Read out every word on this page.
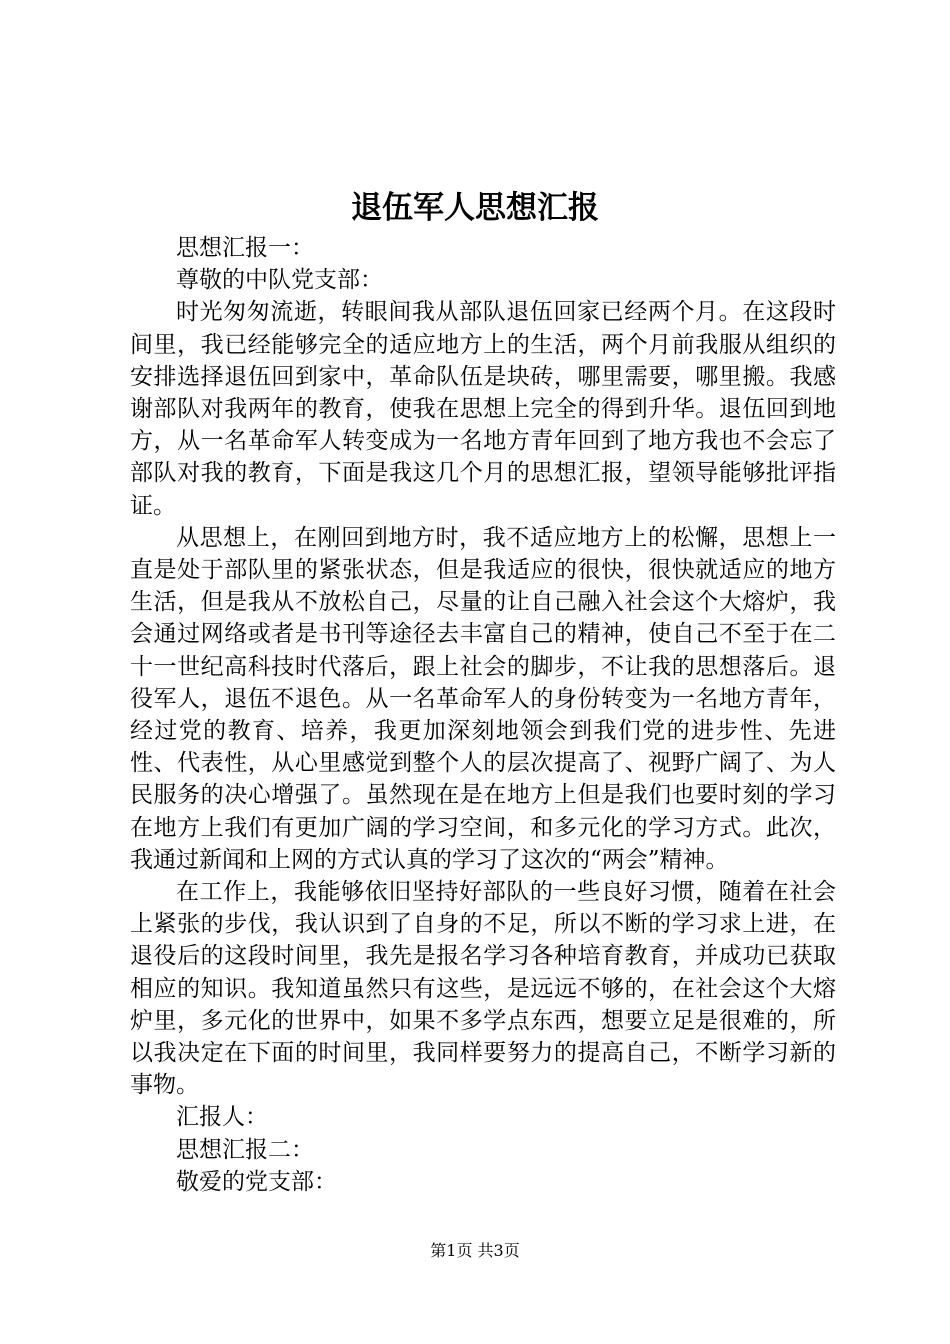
退伍军人思想汇报

思想汇报一：

尊敬的中队党支部：

时光匆匆流逝，转眼间我从部队退伍回家已经两个月。在这段时间里，我已经能够完全的适应地方上的生活，两个月前我服从组织的安排选择退伍回到家中，革命队伍是块砖，哪里需要，哪里搬。我感谢部队对我两年的教育，使我在思想上完全的得到升华。退伍回到地方，从一名革命军人转变成为一名地方青年回到了地方我也不会忘了部队对我的教育，下面是我这几个月的思想汇报，望领导能够批评指证。

从思想上，在刚回到地方时，我不适应地方上的松懈，思想上一直是处于部队里的紧张状态，但是我适应的很快，很快就适应的地方生活，但是我从不放松自己，尽量的让自己融入社会这个大熔炉，我会通过网络或者是书刊等途径去丰富自己的精神，使自己不至于在二十一世纪高科技时代落后，跟上社会的脚步，不让我的思想落后。退役军人，退伍不退色。从一名革命军人的身份转变为一名地方青年，经过党的教育、培养，我更加深刻地领会到我们党的进步性、先进性、代表性，从心里感觉到整个人的层次提高了、视野广阔了、为人民服务的决心增强了。虽然现在是在地方上但是我们也要时刻的学习在地方上我们有更加广阔的学习空间，和多元化的学习方式。此次，我通过新闻和上网的方式认真的学习了这次的“两会”精神。

在工作上，我能够依旧坚持好部队的一些良好习惯，随着在社会上紧张的步伐，我认识到了自身的不足，所以不断的学习求上进，在退役后的这段时间里，我先是报名学习各种培育教育，并成功已获取相应的知识。我知道虽然只有这些，是远远不够的，在社会这个大熔炉里，多元化的世界中，如果不多学点东西，想要立足是很难的，所以我决定在下面的时间里，我同样要努力的提高自己，不断学习新的事物。

汇报人：

思想汇报二：

敬爱的党支部：

第1页 共3页
